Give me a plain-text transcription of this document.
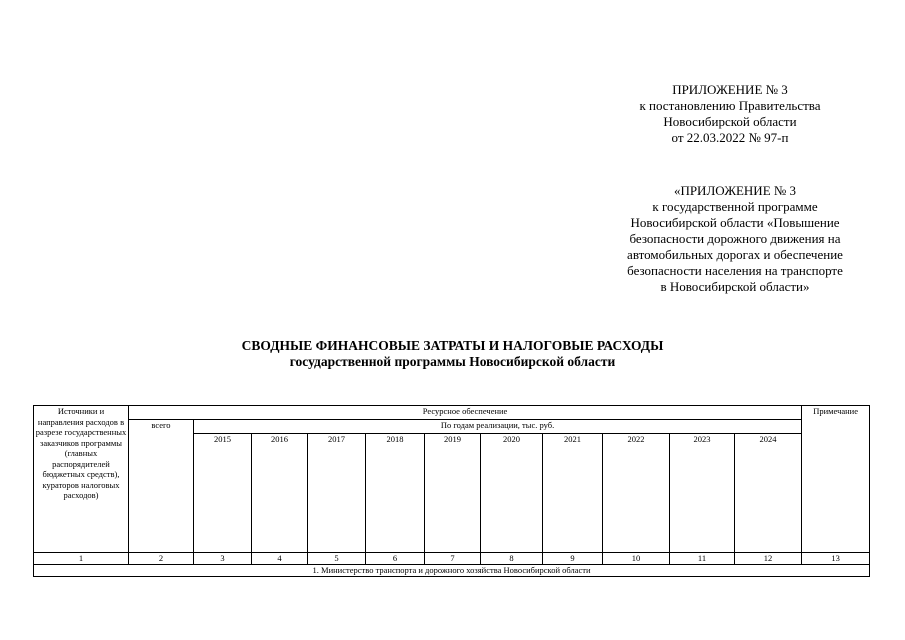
ПРИЛОЖЕНИЕ № 3
к постановлению Правительства
Новосибирской области
от 22.03.2022 № 97-п
«ПРИЛОЖЕНИЕ № 3
к государственной программе
Новосибирской области «Повышение
безопасности дорожного движения на
автомобильных дорогах и обеспечение
безопасности населения на транспорте
в Новосибирской области»
СВОДНЫЕ ФИНАНСОВЫЕ ЗАТРАТЫ И НАЛОГОВЫЕ РАСХОДЫ
государственной программы Новосибирской области
Источники и направления расходов в разрезе государственных заказчиков программы (главных распорядителей бюджетных средств), кураторов налоговых расходов)	Ресурсное обеспечение											Примечание
	всего	По годам реализации, тыс. руб.										
		2015	2016	2017	2018	2019	2020	2021	2022	2023	2024	
1	2	3	4	5	6	7	8	9	10	11	12	13
1. Министерство транспорта и дорожного хозяйства Новосибирской области												
